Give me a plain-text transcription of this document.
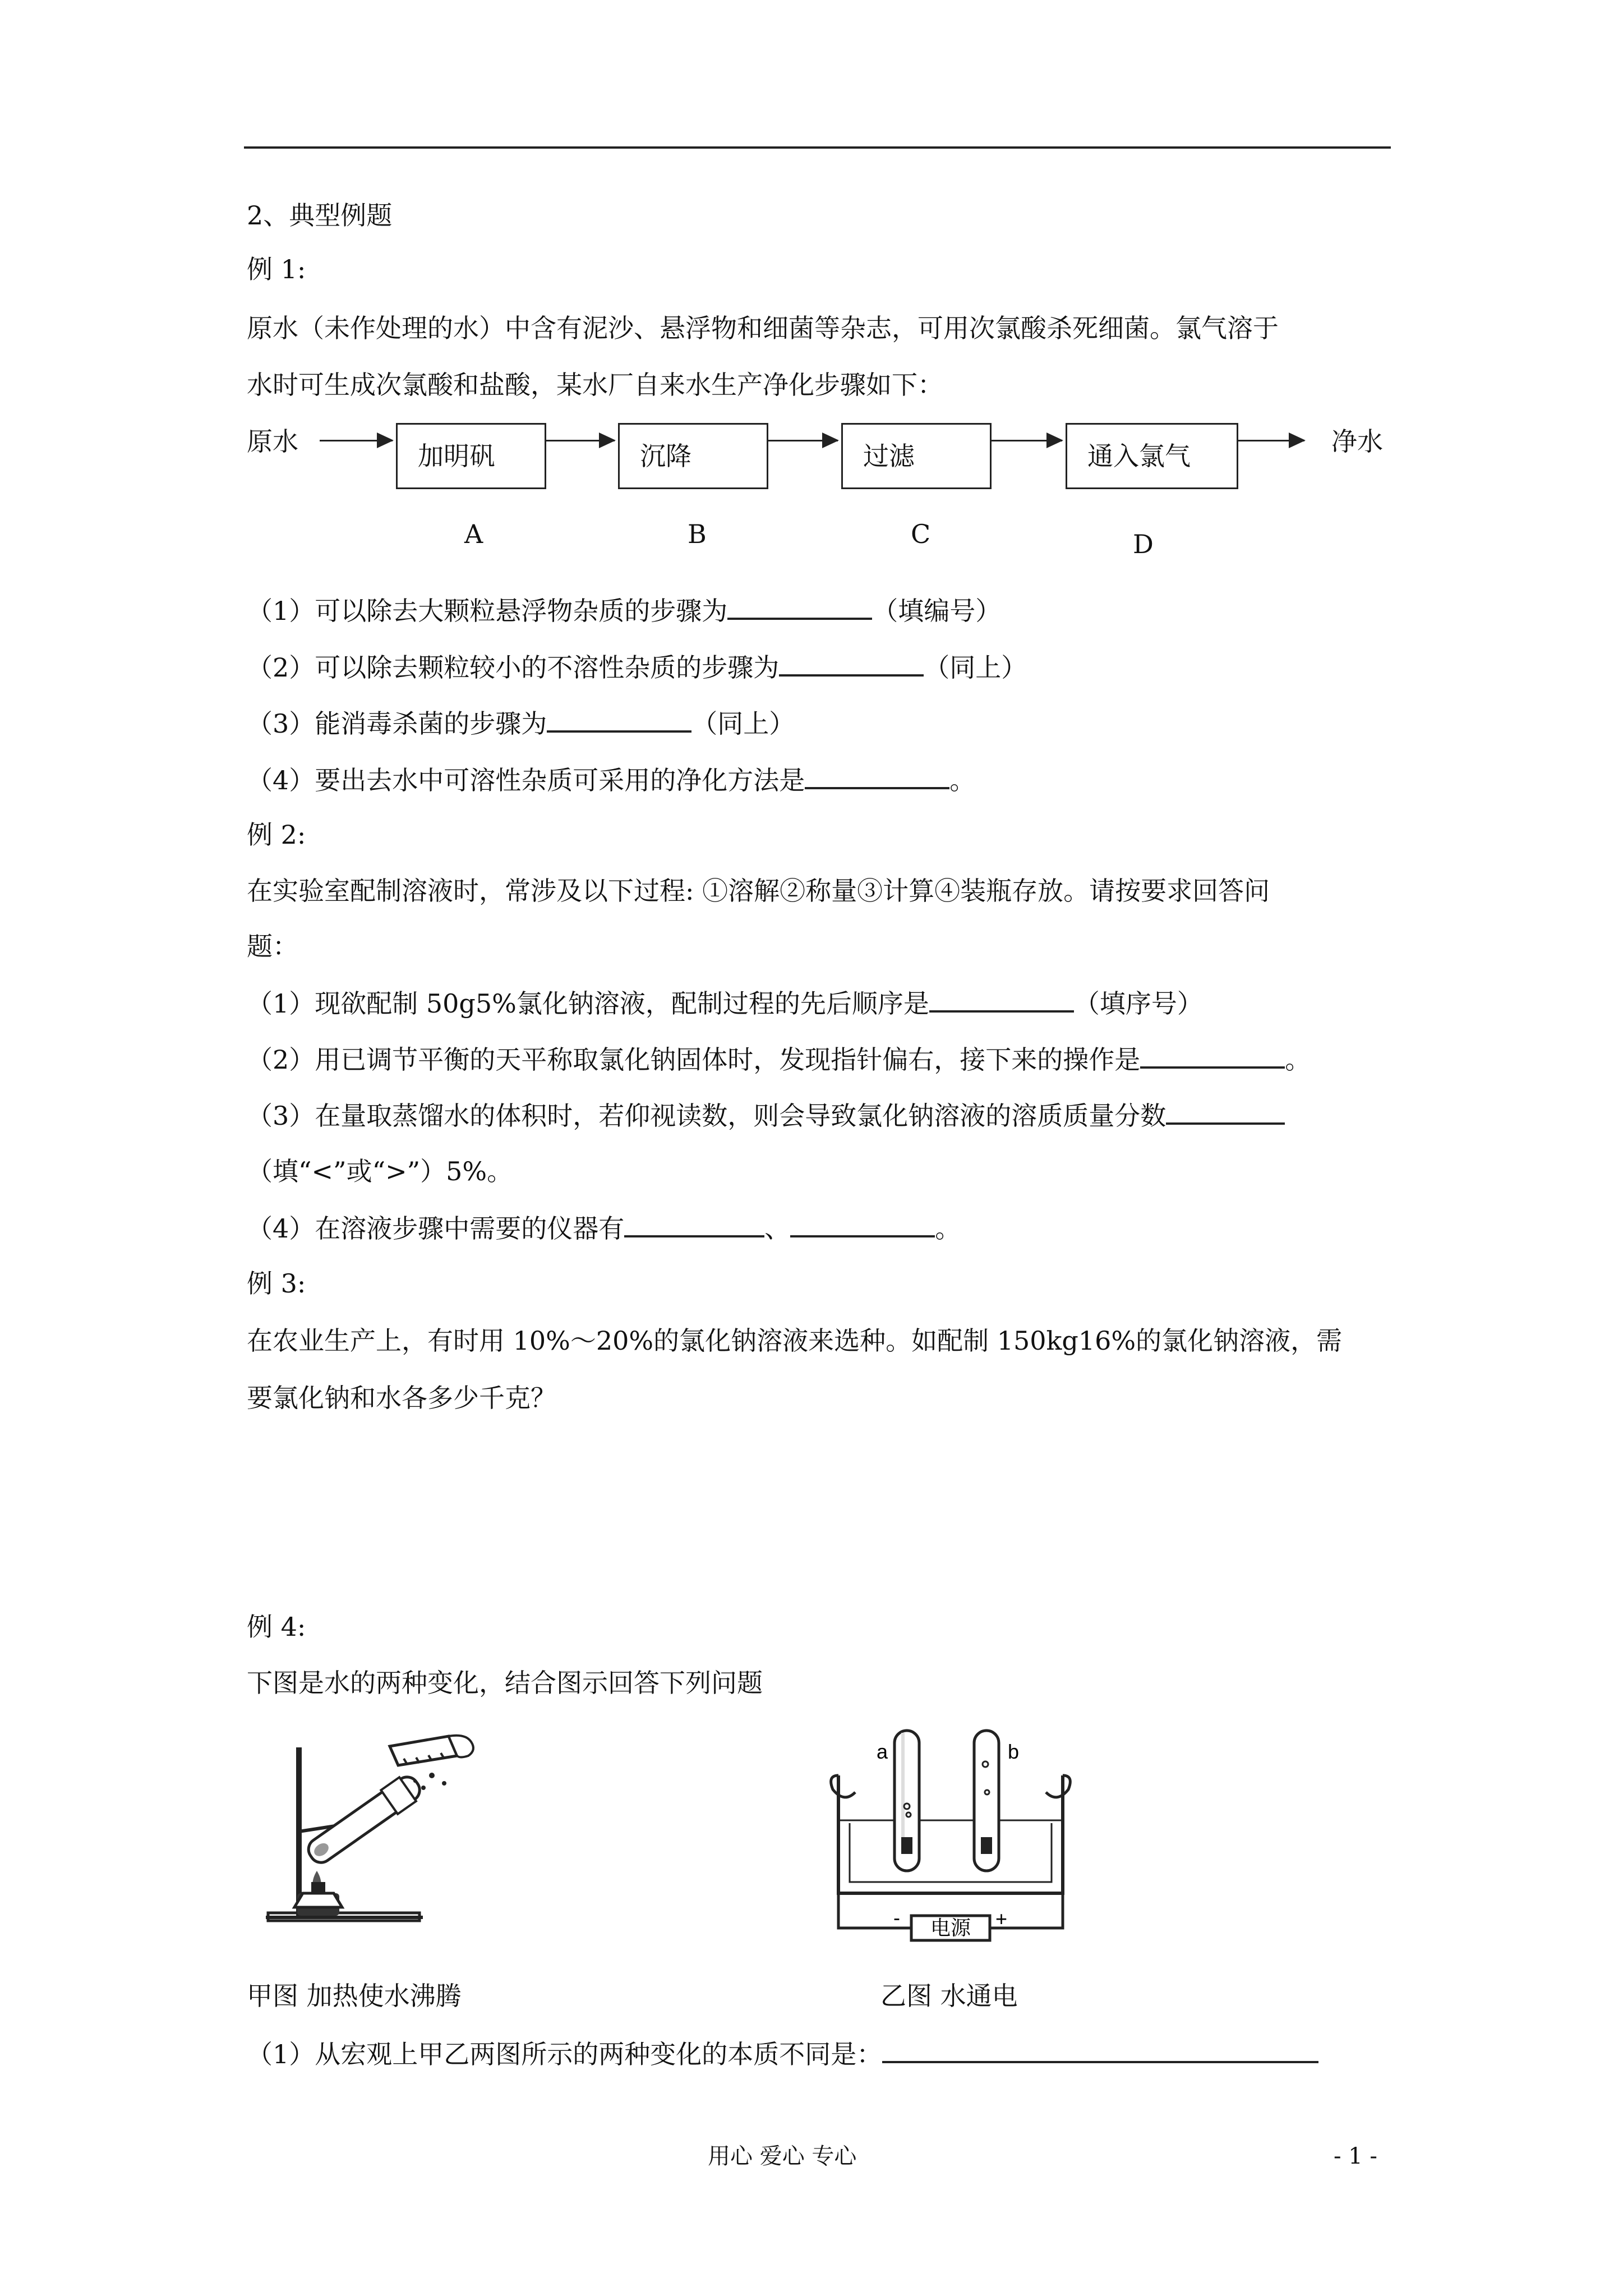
2、典型例题
例 1:
原水（未作处理的水）中含有泥沙、悬浮物和细菌等杂志，可用次氯酸杀死细菌。氯气溶于
水时可生成次氯酸和盐酸，某水厂自来水生产净化步骤如下：
原水	加明矾	沉降	过滤	通入氯气	净水
A	B	C	D
（1）可以除去大颗粒悬浮物杂质的步骤为	（填编号）
（2）可以除去颗粒较小的不溶性杂质的步骤为	（同上）
（3）能消毒杀菌的步骤为	（同上）
（4）要出去水中可溶性杂质可采用的净化方法是	。
例 2:
在实验室配制溶液时，常涉及以下过程: ①溶解②称量③计算④装瓶存放。请按要求回答问
题：
（1）现欲配制 50g5%氯化钠溶液，配制过程的先后顺序是	（填序号）
（2）用已调节平衡的天平称取氯化钠固体时，发现指针偏右，接下来的操作是	。
（3）在量取蒸馏水的体积时，若仰视读数，则会导致氯化钠溶液的溶质质量分数
（填“<”或“>”）5%。
（4）在溶液步骤中需要的仪器有	、	。
例 3:
在农业生产上，有时用 10%～20%的氯化钠溶液来选种。如配制 150kg16%的氯化钠溶液，需
要氯化钠和水各多少千克？
例 4:
下图是水的两种变化，结合图示回答下列问题
a	b
电源
-	+
甲图 加热使水沸腾	乙图 水通电
（1）从宏观上甲乙两图所示的两种变化的本质不同是：
用心 爱心 专心	- 1 -
